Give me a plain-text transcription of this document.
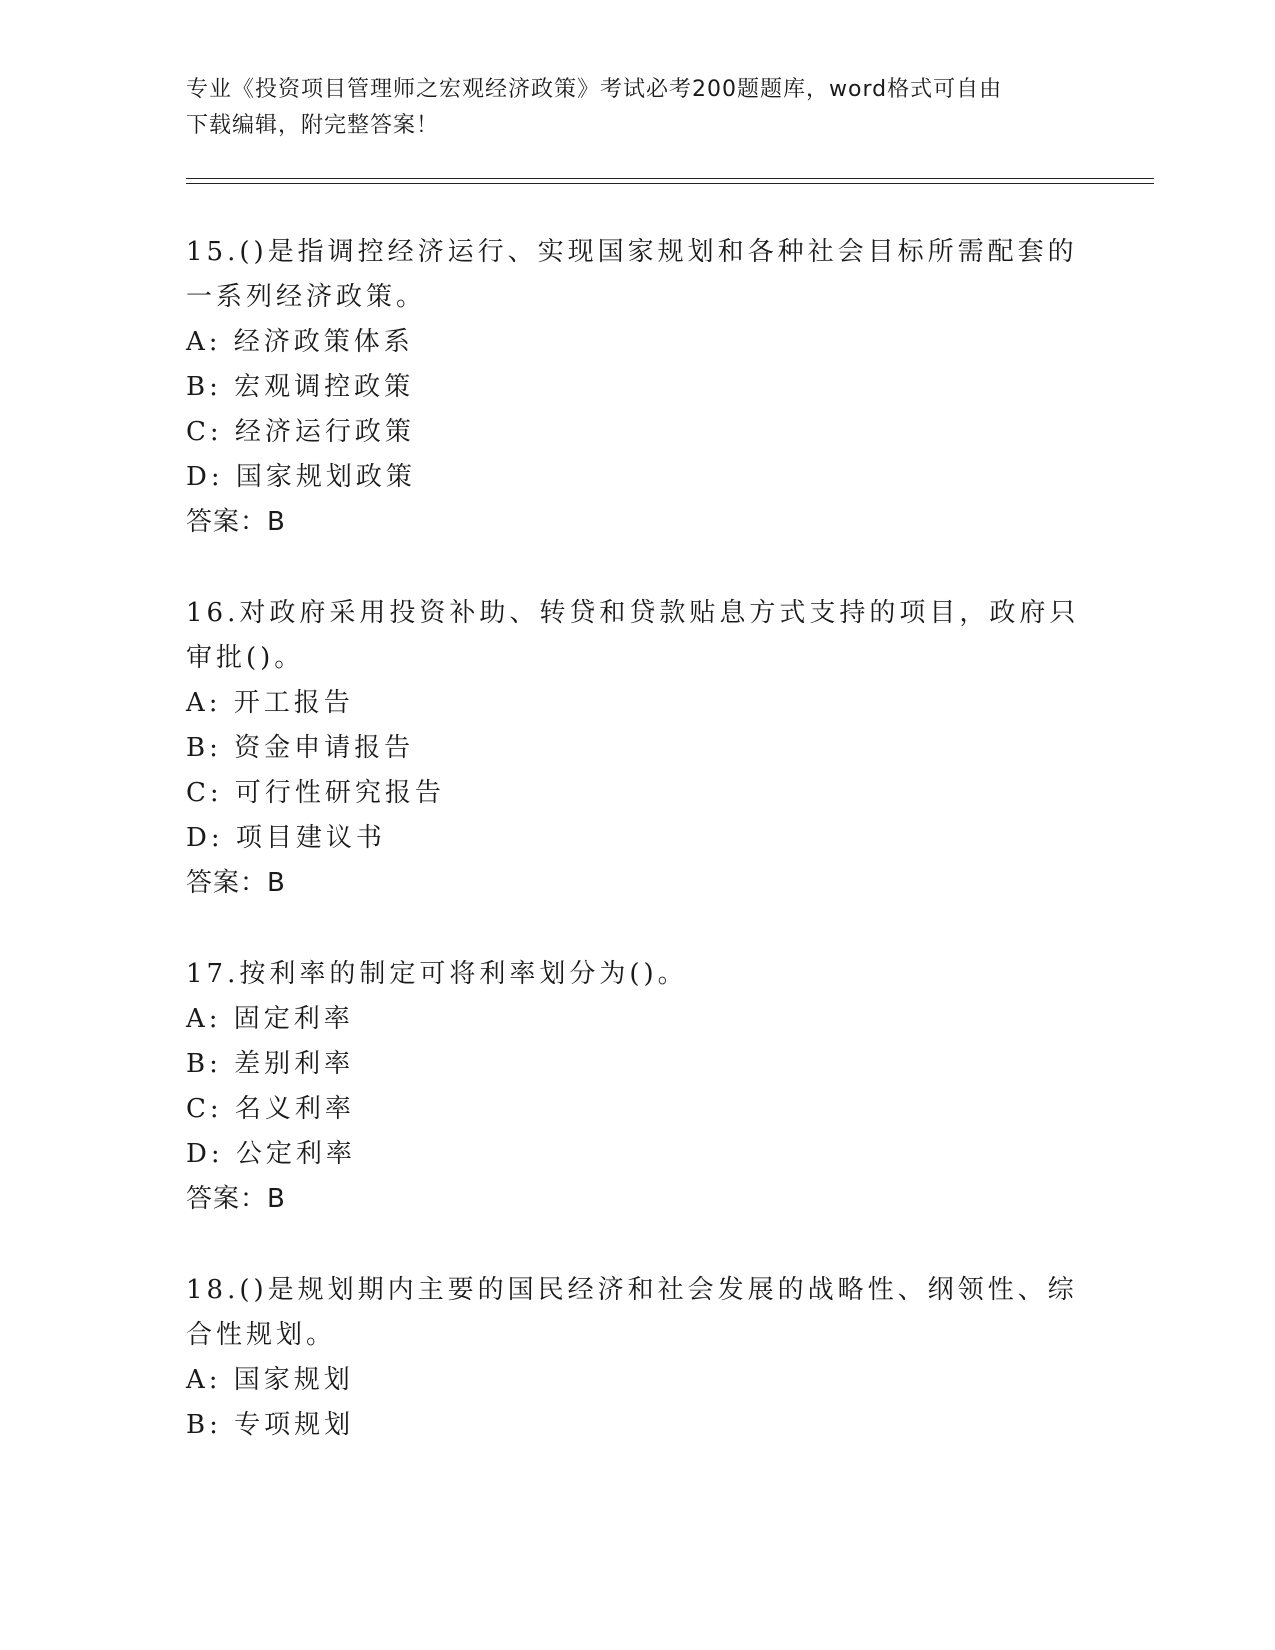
专业《投资项目管理师之宏观经济政策》考试必考200题题库，word格式可自由
下载编辑，附完整答案！
15.()是指调控经济运行、实现国家规划和各种社会目标所需配套的一系列经济政策。
A: 经济政策体系
B: 宏观调控政策
C: 经济运行政策
D: 国家规划政策
答案：B
16.对政府采用投资补助、转贷和贷款贴息方式支持的项目，政府只审批()。
A: 开工报告
B: 资金申请报告
C: 可行性研究报告
D: 项目建议书
答案：B
17.按利率的制定可将利率划分为()。
A: 固定利率
B: 差别利率
C: 名义利率
D: 公定利率
答案：B
18.()是规划期内主要的国民经济和社会发展的战略性、纲领性、综合性规划。
A: 国家规划
B: 专项规划
